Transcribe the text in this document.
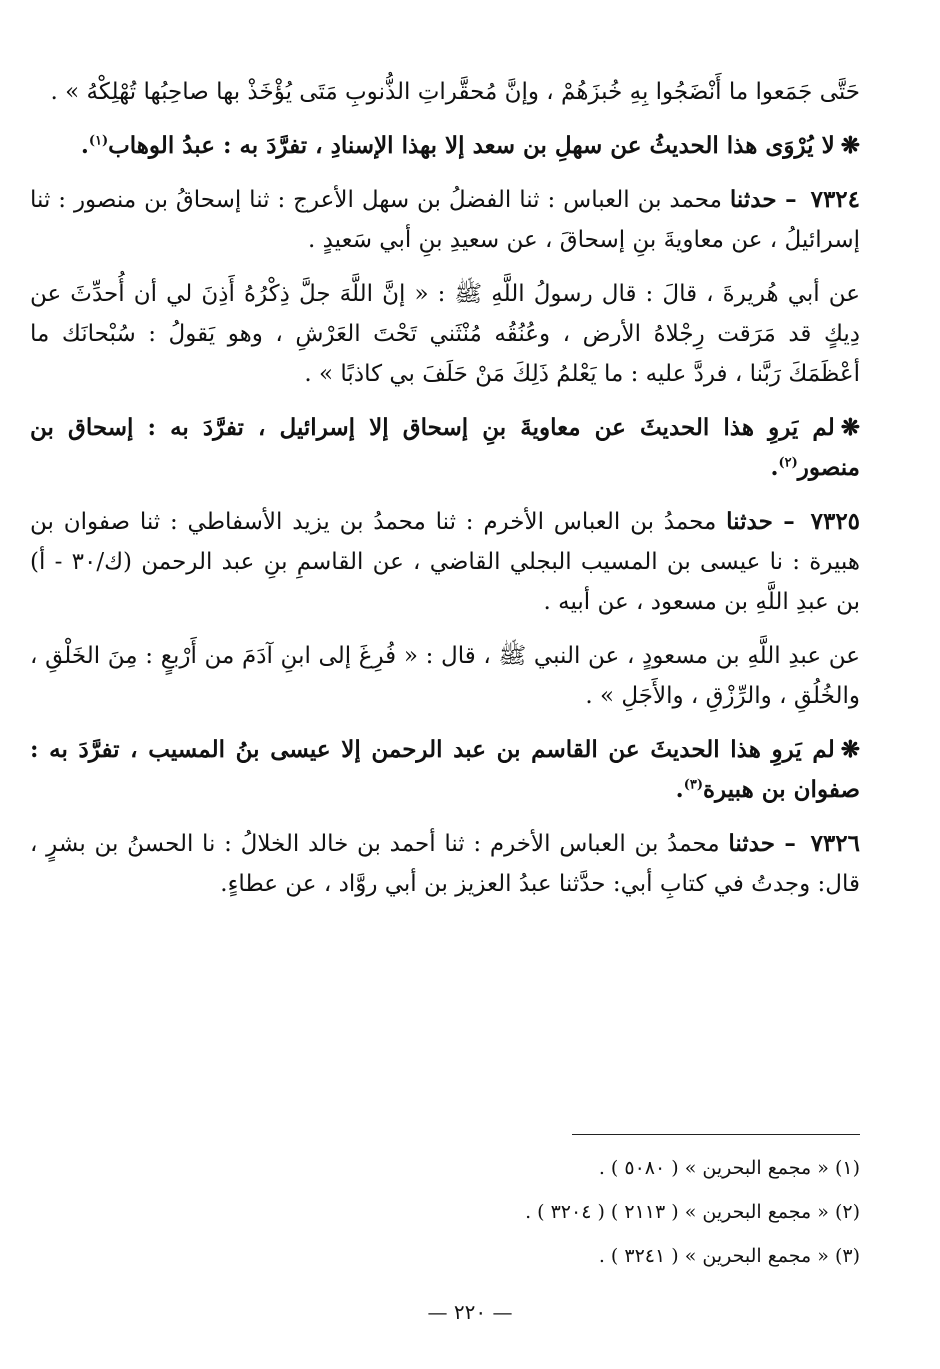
حَتَّى جَمَعوا ما أَنْضَجُوا بِهِ خُبزَهُمْ ، وإنَّ مُحقَّراتِ الذُّنوبِ مَتَى يُؤْخَذْ بها صاحِبُها تُهْلِكْهُ » .

❋لا يُرْوَى هذا الحديثُ عن سهلِ بن سعد إلا بهذا الإسنادِ ، تفرَّدَ به : عبدُ الوهاب$^{(١)}$.

٧٣٢٤ – حدثنا محمد بن العباس : ثنا الفضلُ بن سهل الأعرج : ثنا إسحاقُ بن منصور : ثنا إسرائيلُ ، عن معاويةَ بنِ إسحاقَ ، عن سعيدِ بنِ أبي سَعيدٍ .

عن أبي هُريرةَ ، قالَ : قال رسولُ اللَّهِ ﷺ : « إنَّ اللَّهَ جلَّ ذِكْرُهُ أَذِنَ لي أن أُحدِّثَ عن دِيكٍ قد مَرَقت رِجْلاهُ الأرض ، وعُنُقُه مُنْثَني تَحْتَ العَرْشِ ، وهو يَقولُ : سُبْحانَك ما أعْظَمَكَ رَبَّنا ، فردَّ عليه : ما يَعْلمُ ذَلِكَ مَنْ حَلَفَ بي كاذبًا » .

❋لم يَروِ هذا الحديثَ عن معاويةَ بنِ إسحاق إلا إسرائيل ، تفرَّدَ به : إسحاق بن منصور$^{(٢)}$.

٧٣٢٥ – حدثنا محمدُ بن العباس الأخرم : ثنا محمدُ بن يزيد الأسفاطي : ثنا صفوان بن هبيرة : نا عيسى بن المسيب البجلي القاضي ، عن القاسمِ بنِ عبد الرحمن (ك/٣٠ - أ) بن عبدِ اللَّهِ بن مسعود ، عن أبيه .

عن عبدِ اللَّهِ بن مسعودٍ ، عن النبي ﷺ ، قال : « فُرِغَ إلى ابنِ آدَمَ من أَرْبعٍ : مِنَ الخَلْقِ ، والخُلُقِ ، والرِّزْقِ ، والأَجَلِ » .

❋لم يَروِ هذا الحديثَ عن القاسم بن عبد الرحمن إلا عيسى بنُ المسيب ، تفرَّدَ به : صفوان بن هبيرة$^{(٣)}$.

٧٣٢٦ – حدثنا محمدُ بن العباس الأخرم : ثنا أحمد بن خالد الخلالُ : نا الحسنُ بن بشرٍ ، قال: وجدتُ في كتابِ أبي: حدَّثنا عبدُ العزيز بن أبي روَّاد ، عن عطاءٍ.

(١) « مجمع البحرين » ( ٥٠٨٠ ) .
(٢) « مجمع البحرين » ( ٢١١٣ ) ( ٣٢٠٤ ) .
(٣) « مجمع البحرين » ( ٣٢٤١ ) .
— ٢٢٠ —
